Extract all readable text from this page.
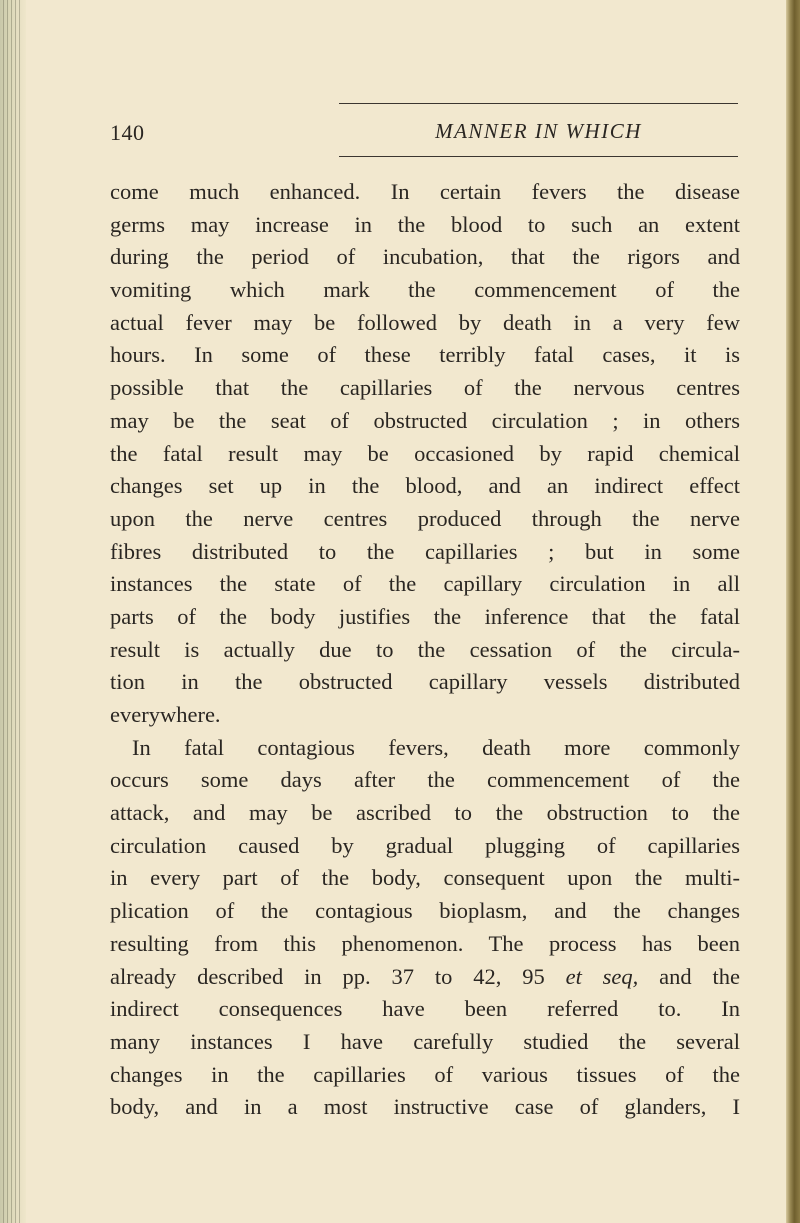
140	MANNER IN WHICH
come much enhanced. In certain fevers the disease
germs may increase in the blood to such an extent
during the period of incubation, that the rigors and
vomiting which mark the commencement of the
actual fever may be followed by death in a very few
hours. In some of these terribly fatal cases, it is
possible that the capillaries of the nervous centres
may be the seat of obstructed circulation ; in others
the fatal result may be occasioned by rapid chemical
changes set up in the blood, and an indirect effect
upon the nerve centres produced through the nerve
fibres distributed to the capillaries ; but in some
instances the state of the capillary circulation in all
parts of the body justifies the inference that the fatal
result is actually due to the cessation of the circula-
tion in the obstructed capillary vessels distributed
everywhere.
In fatal contagious fevers, death more commonly
occurs some days after the commencement of the
attack, and may be ascribed to the obstruction to the
circulation caused by gradual plugging of capillaries
in every part of the body, consequent upon the multi-
plication of the contagious bioplasm, and the changes
resulting from this phenomenon. The process has been
already described in pp. 37 to 42, 95 et seq, and the
indirect consequences have been referred to. In
many instances I have carefully studied the several
changes in the capillaries of various tissues of the
body, and in a most instructive case of glanders, I
